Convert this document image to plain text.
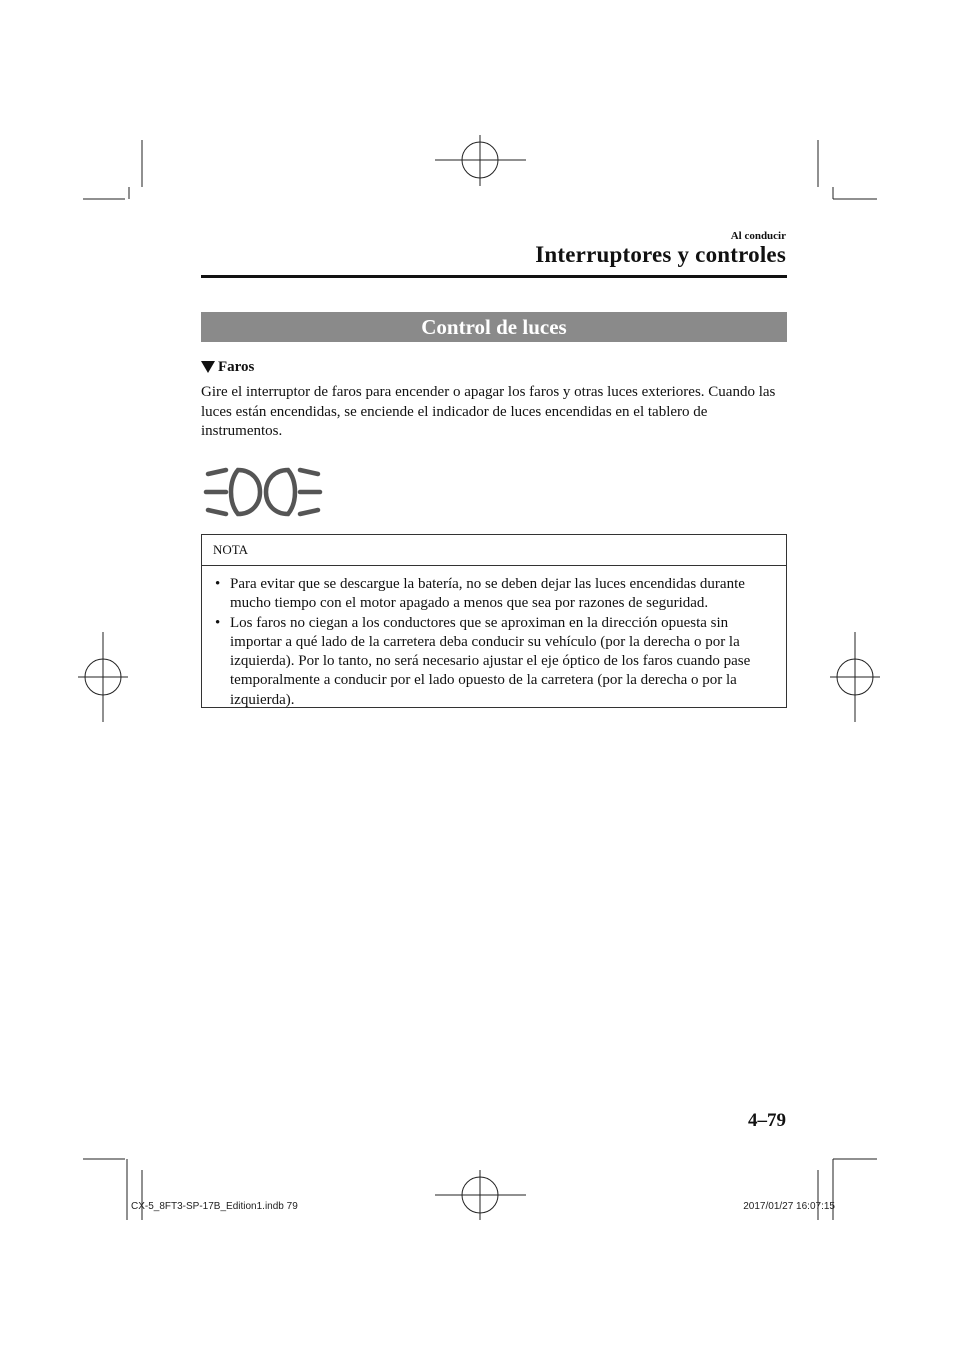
Al conducir
Interruptores y controles
Control de luces
Faros

Gire el interruptor de faros para encender o apagar los faros y otras luces exteriores. Cuando las luces están encendidas, se enciende el indicador de luces encendidas en el tablero de instrumentos.

NOTA
• Para evitar que se descargue la batería, no se deben dejar las luces encendidas durante mucho tiempo con el motor apagado a menos que sea por razones de seguridad.
• Los faros no ciegan a los conductores que se aproximan en la dirección opuesta sin importar a qué lado de la carretera deba conducir su vehículo (por la derecha o por la izquierda). Por lo tanto, no será necesario ajustar el eje óptico de los faros cuando pase temporalmente a conducir por el lado opuesto de la carretera (por la derecha o por la izquierda).
4–79
CX-5_8FT3-SP-17B_Edition1.indb 79	2017/01/27 16:07:15
